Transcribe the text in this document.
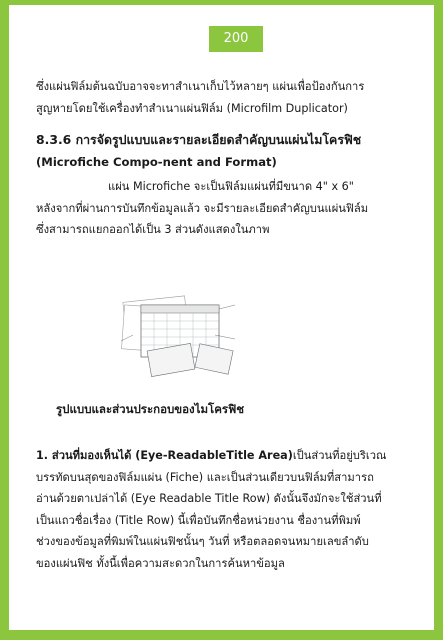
200
ซึ่งแผ่นฟิล์มต้นฉบับอาจจะทาสำเนาเก็บไว้หลายๆ แผ่นเพื่อป้องกันการ
สูญหายโดยใช้เครื่องทำสำเนาแผ่นฟิล์ม (Microfilm Duplicator)
8.3.6 การจัดรูปแบบและรายละเอียดสำคัญบนแผ่นไมโครฟิช
(Microfiche Compo-nent and Format)
แผ่น Microfiche จะเป็นฟิล์มแผ่นที่มีขนาด 4" x 6"
หลังจากที่ผ่านการบันทึกข้อมูลแล้ว จะมีรายละเอียดสำคัญบนแผ่นฟิล์ม
ซึ่งสามารถแยกออกได้เป็น 3 ส่วนดังแสดงในภาพ
รูปแบบและส่วนประกอบของไมโครฟิช
1. ส่วนที่มองเห็นได้ (Eye-ReadableTitle Area)เป็นส่วนที่อยู่บริเวณ
บรรทัดบนสุดของฟิล์มแผ่น (Fiche) และเป็นส่วนเดียวบนฟิล์มที่สามารถ
อ่านด้วยตาเปล่าได้ (Eye Readable Title Row) ดังนั้นจึงมักจะใช้ส่วนที่
เป็นแถวชื่อเรื่อง (Title Row) นี้เพื่อบันทึกชื่อหน่วยงาน ชื่องานที่พิมพ์
ช่วงของข้อมูลที่พิมพ์ในแผ่นฟิชนั้นๆ วันที่ หรือตลอดจนหมายเลขลำดับ
ของแผ่นฟิช ทั้งนี้เพื่อความสะดวกในการค้นหาข้อมูล
